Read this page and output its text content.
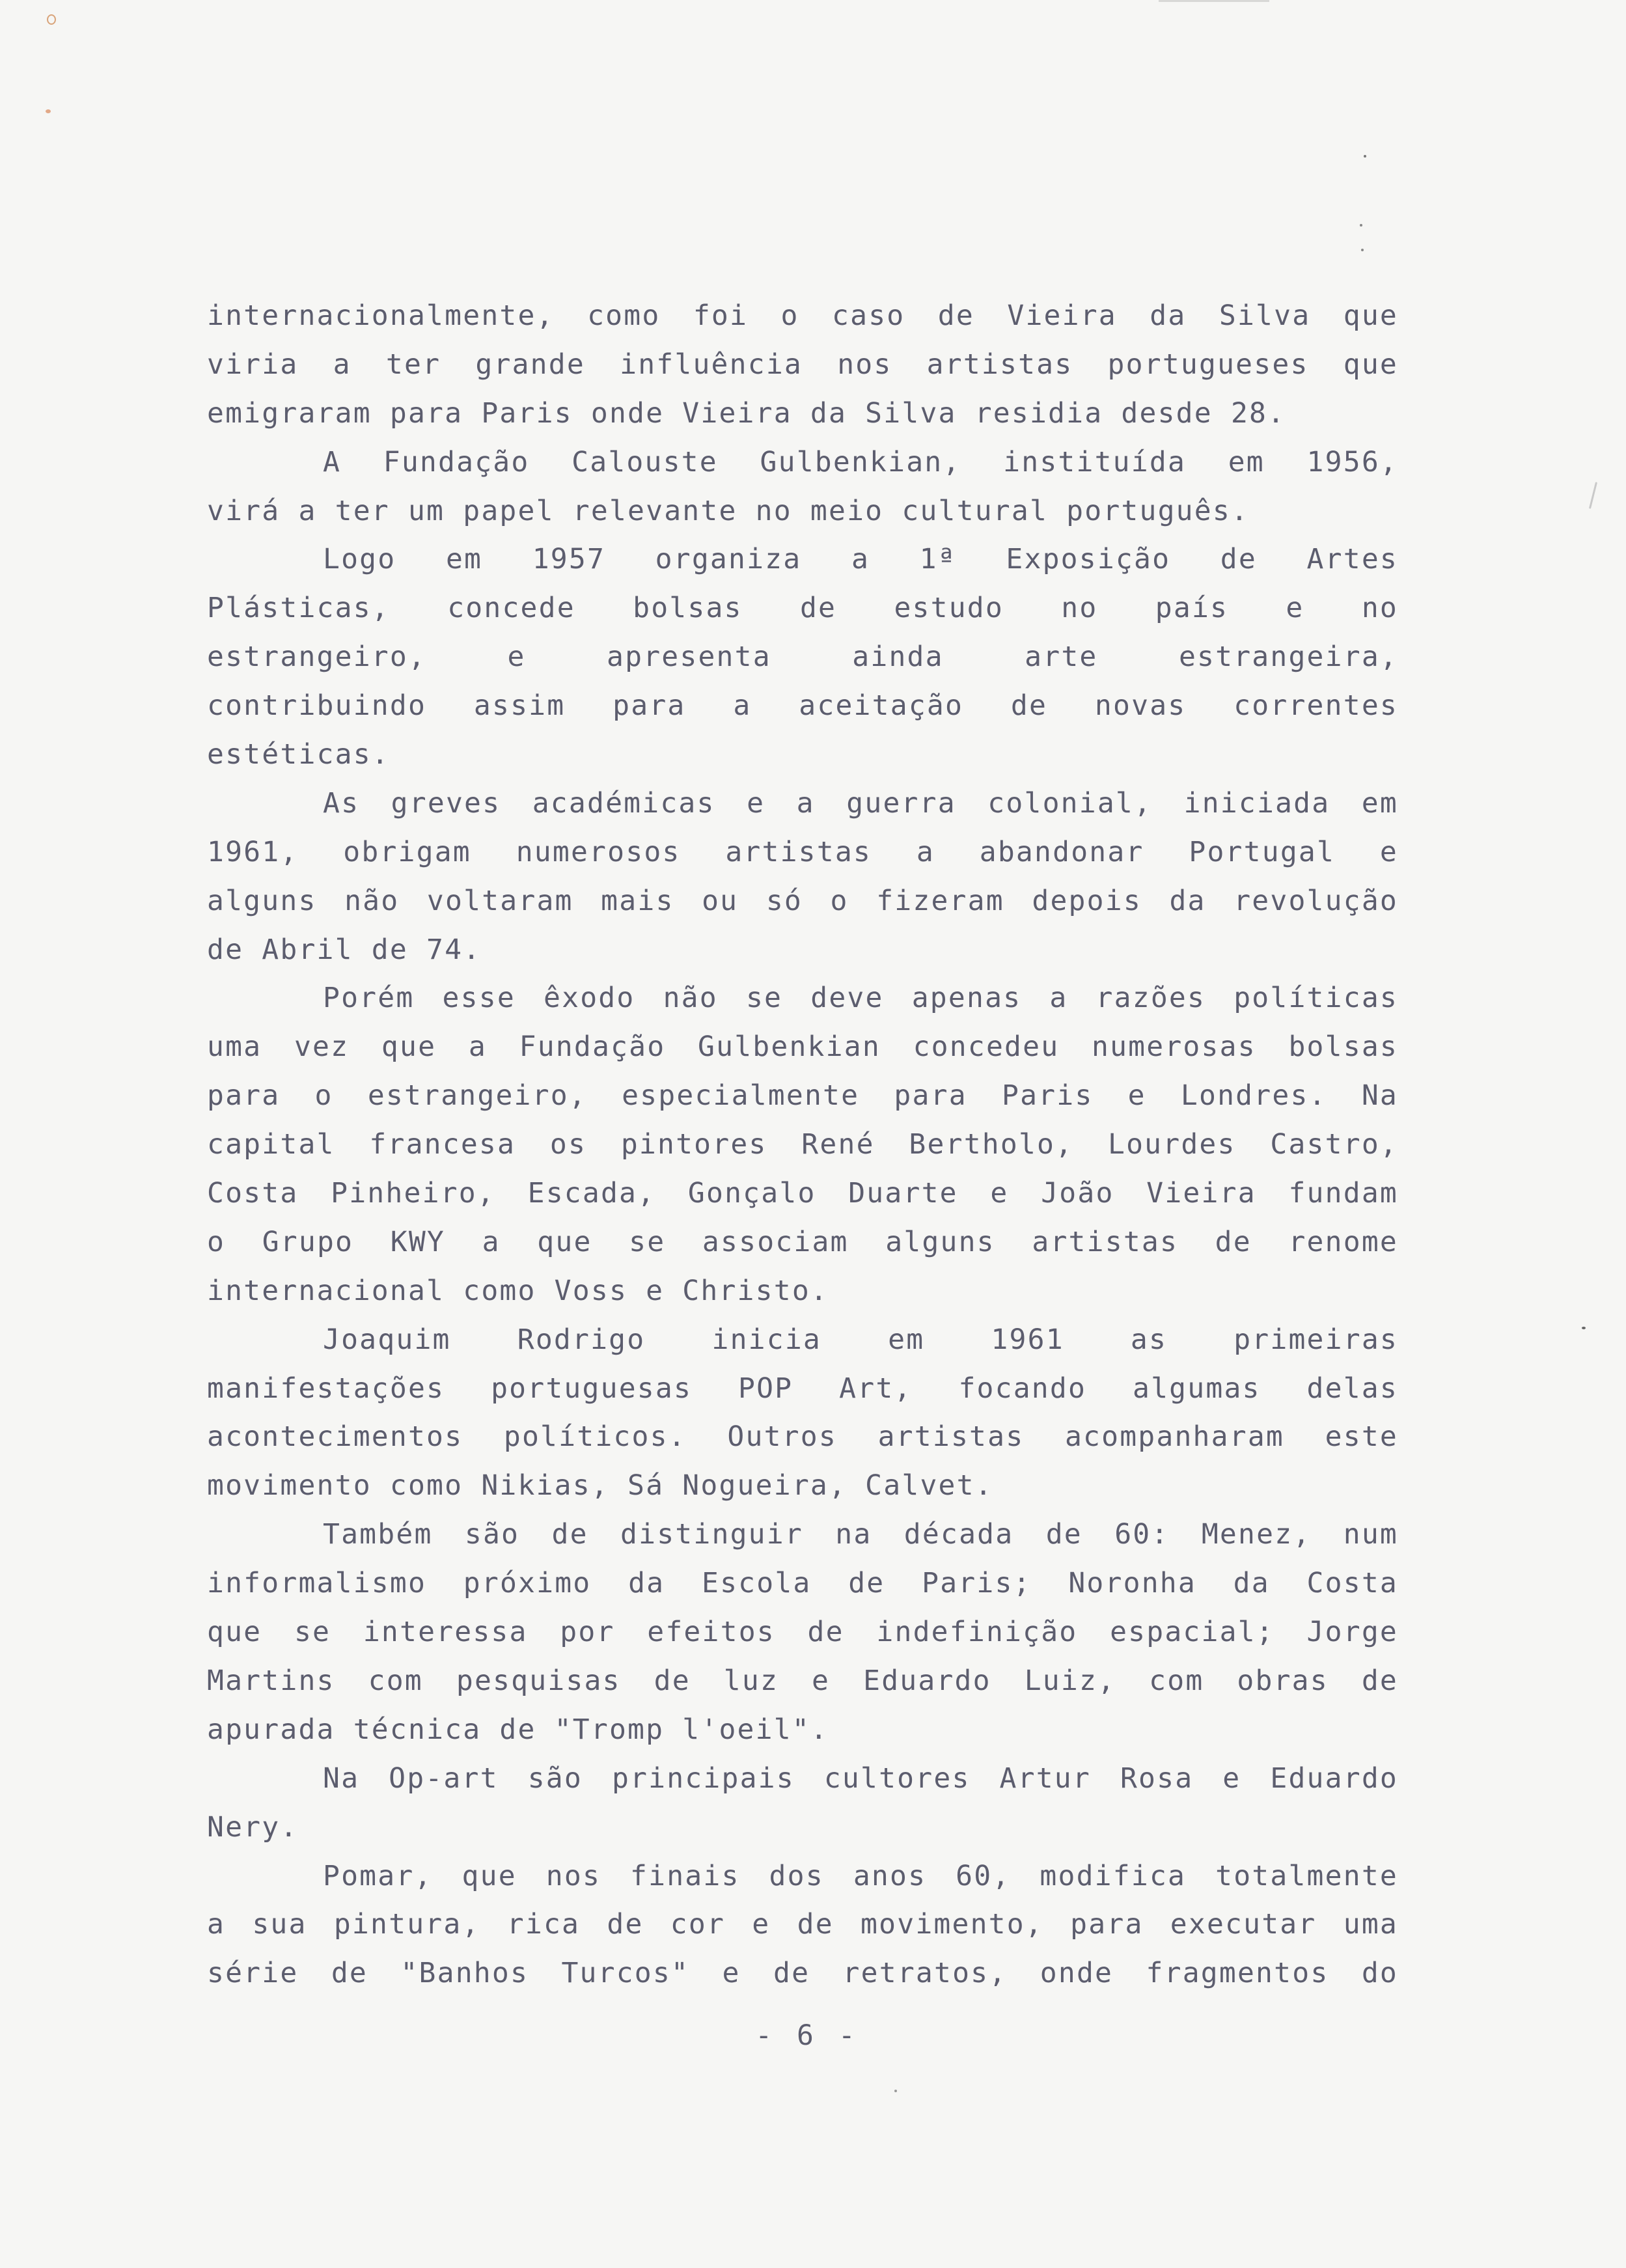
internacionalmente, como foi o caso de Vieira da Silva que
viria a ter grande influência nos artistas portugueses que
emigraram para Paris onde Vieira da Silva residia desde 28.
A Fundação Calouste Gulbenkian, instituída em 1956,
virá a ter um papel relevante no meio cultural português.
Logo em 1957 organiza a 1ª Exposição de Artes
Plásticas, concede bolsas de estudo no país e no
estrangeiro, e apresenta ainda arte estrangeira,
contribuindo assim para a aceitação de novas correntes
estéticas.
As greves académicas e a guerra colonial, iniciada em
1961, obrigam numerosos artistas a abandonar Portugal e
alguns não voltaram mais ou só o fizeram depois da revolução
de Abril de 74.
Porém esse êxodo não se deve apenas a razões políticas
uma vez que a Fundação Gulbenkian concedeu numerosas bolsas
para o estrangeiro, especialmente para Paris e Londres. Na
capital francesa os pintores René Bertholo, Lourdes Castro,
Costa Pinheiro, Escada, Gonçalo Duarte e João Vieira fundam
o Grupo KWY a que se associam alguns artistas de renome
internacional como Voss e Christo.
Joaquim Rodrigo inicia em 1961 as primeiras
manifestações portuguesas POP Art, focando algumas delas
acontecimentos políticos. Outros artistas acompanharam este
movimento como Nikias, Sá Nogueira, Calvet.
Também são de distinguir na década de 60: Menez, num
informalismo próximo da Escola de Paris; Noronha da Costa
que se interessa por efeitos de indefinição espacial; Jorge
Martins com pesquisas de luz e Eduardo Luiz, com obras de
apurada técnica de "Tromp l'oeil".
Na Op-art são principais cultores Artur Rosa e Eduardo
Nery.
Pomar, que nos finais dos anos 60, modifica totalmente
a sua pintura, rica de cor e de movimento, para executar uma
série de "Banhos Turcos" e de retratos, onde fragmentos do
- 6 -
